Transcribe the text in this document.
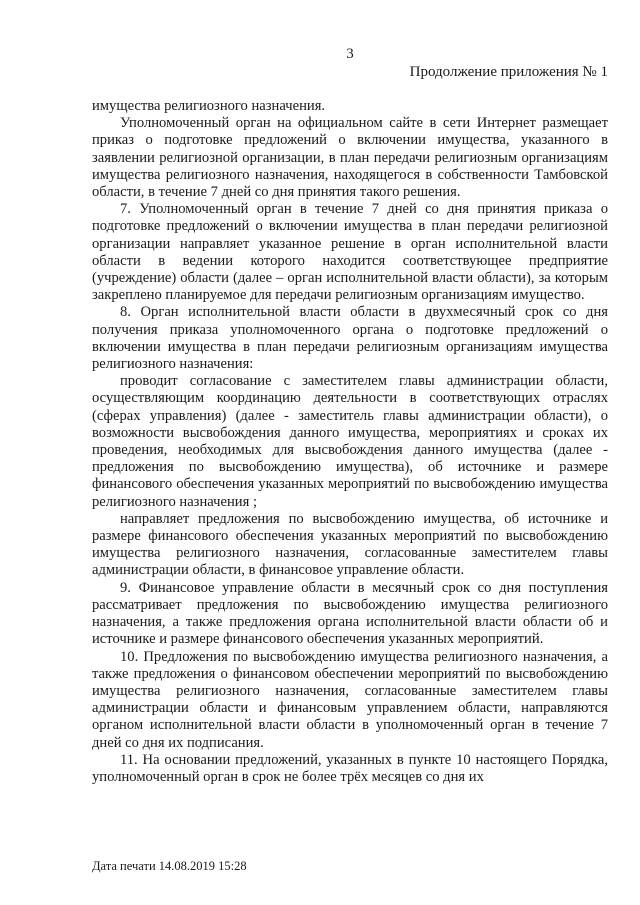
3
Продолжение приложения № 1

имущества религиозного назначения.

Уполномоченный орган на официальном сайте в сети Интернет размещает приказ о подготовке предложений о включении имущества, указанного в заявлении религиозной организации, в план передачи религиозным организациям имущества религиозного назначения, находящегося в собственности Тамбовской области, в течение 7 дней со дня принятия такого решения.

7. Уполномоченный орган в течение 7 дней со дня принятия приказа о подготовке предложений о включении имущества в план передачи религиозной организации направляет указанное решение в орган исполнительной власти области в ведении которого находится соответствующее предприятие (учреждение) области (далее – орган исполнительной власти области), за которым закреплено планируемое для передачи религиозным организациям имущество.

8. Орган исполнительной власти области в двухмесячный срок со дня получения приказа уполномоченного органа о подготовке предложений о включении имущества в план передачи религиозным организациям имущества религиозного назначения:

проводит согласование с заместителем главы администрации области, осуществляющим координацию деятельности в соответствующих отраслях (сферах управления) (далее - заместитель главы администрации области), о возможности высвобождения данного имущества, мероприятиях и сроках их проведения, необходимых для высвобождения данного имущества (далее - предложения по высвобождению имущества), об источнике и размере финансового обеспечения указанных мероприятий по высвобождению имущества религиозного назначения ;

направляет предложения по высвобождению имущества, об источнике и размере финансового обеспечения указанных мероприятий по высвобождению имущества религиозного назначения, согласованные заместителем главы администрации области, в финансовое управление области.

9. Финансовое управление области в месячный срок со дня поступления рассматривает предложения по высвобождению имущества религиозного назначения, а также предложения органа исполнительной власти области об и источнике и размере финансового обеспечения указанных мероприятий.

10. Предложения по высвобождению имущества религиозного назначения, а также предложения о финансовом обеспечении мероприятий по высвобождению имущества религиозного назначения, согласованные заместителем главы администрации области и финансовым управлением области, направляются органом исполнительной власти области в уполномоченный орган в течение 7 дней со дня их подписания.

11. На основании предложений, указанных в пункте 10 настоящего Порядка, уполномоченный орган в срок не более трёх месяцев со дня их

Дата печати 14.08.2019 15:28
